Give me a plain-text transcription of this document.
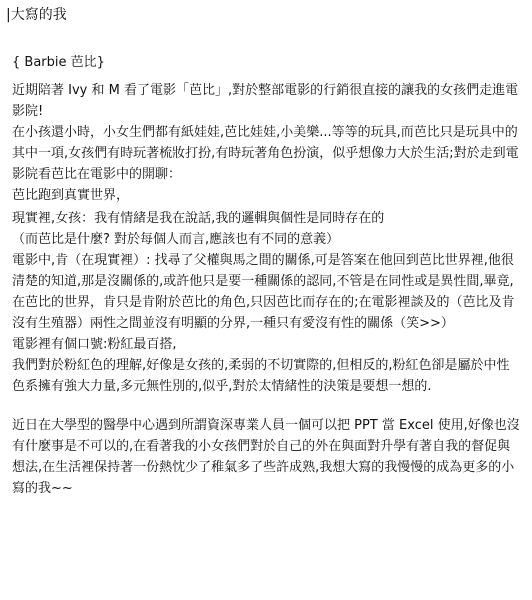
|大寫的我
{ Barbie 芭比}

近期陪著 Ivy 和 M 看了電影「芭比」,對於整部電影的行銷很直接的讓我的女孩們走進電影院!

在小孩還小時，小女生們都有紙娃娃,芭比娃娃,小美樂...等等的玩具,而芭比只是玩具中的其中一項,女孩們有時玩著梳妝打扮,有時玩著角色扮演，似乎想像力大於生活;對於走到電影院看芭比在電影中的開聊：

芭比跑到真實世界，

現實裡,女孩：我有情緒是我在說話,我的邏輯與個性是同時存在的

（而芭比是什麼? 對於每個人而言,應該也有不同的意義）

電影中,肯（在現實裡）: 找尋了父權與馬之間的關係,可是答案在他回到芭比世界裡,他很清楚的知道,那是沒關係的,或許他只是要一種關係的認同,不管是在同性或是異性間,畢竟, 在芭比的世界，肯只是肯附於芭比的角色,只因芭比而存在的;在電影裡談及的（芭比及肯沒有生殖器）兩性之間並沒有明顯的分界,一種只有愛沒有性的關係（笑>>）

電影裡有個口號:粉紅最百搭,

我們對於粉紅色的理解,好像是女孩的,柔弱的不切實際的,但相反的,粉紅色卻是屬於中性色系擁有強大力量,多元無性別的,似乎,對於太情緒性的決策是要想一想的.

近日在大學型的醫學中心遇到所謂資深專業人員一個可以把 PPT 當 Excel 使用,好像也沒有什麼事是不可以的,在看著我的小女孩們對於自己的外在與面對升學有著自我的督促與想法,在生活裡保持著一份熱忱少了稚氣多了些許成熟,我想大寫的我慢慢的成為更多的小寫的我~~
